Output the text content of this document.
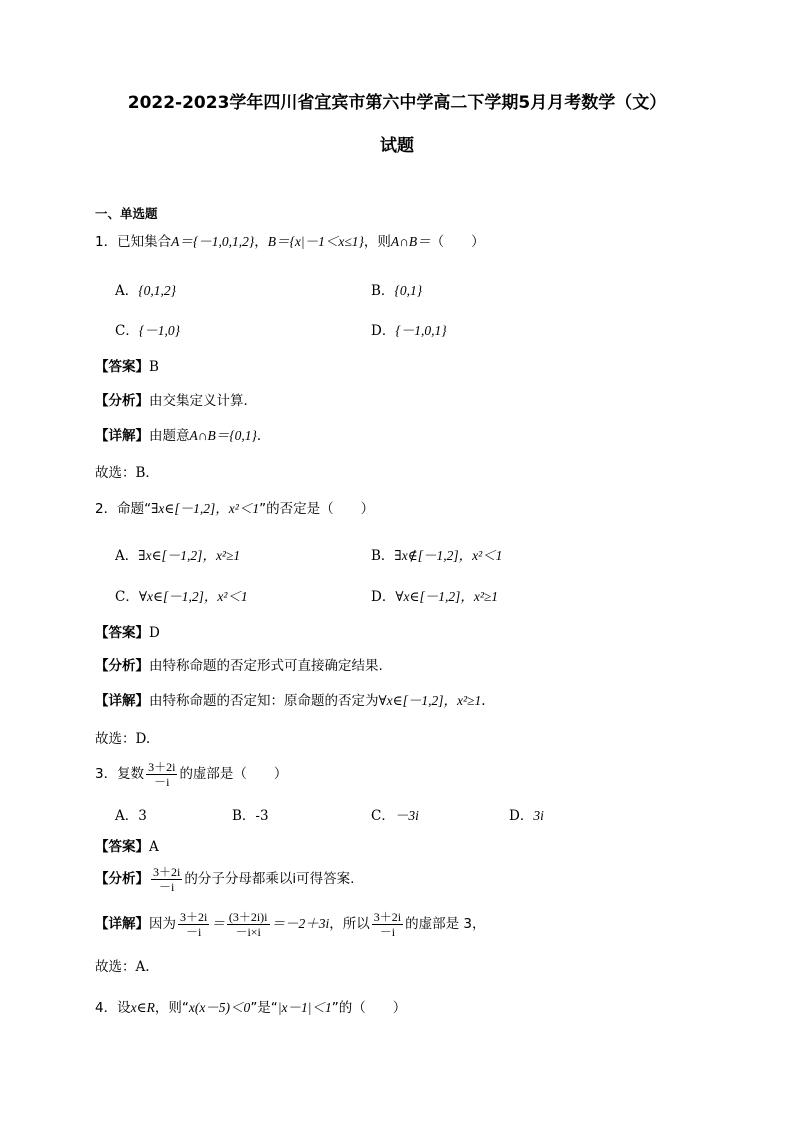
2022-2023学年四川省宜宾市第六中学高二下学期5月月考数学（文）
试题
一、单选题
1．已知集合A＝{－1,0,1,2}，B＝{x|－1＜x≤1}，则A∩B＝（　　）
A．{0,1,2}	B．{0,1}
C．{－1,0}	D．{－1,0,1}
【答案】B
【分析】由交集定义计算．
【详解】由题意A∩B＝{0,1}．
故选：B．
2．命题“∃x∈[－1,2]，x²＜1”的否定是（　　）
A．∃x∈[－1,2]，x²≥1	B．∃x∉[－1,2]，x²＜1
C．∀x∈[－1,2]，x²＜1	D．∀x∈[－1,2]，x²≥1
【答案】D
【分析】由特称命题的否定形式可直接确定结果.
【详解】由特称命题的否定知：原命题的否定为∀x∈[－1,2]，x²≥1.
故选：D.
3．复数 $\frac{3+2i}{-i}$ 的虚部是（　　）
A．3	B．-3	C．－3i	D．3i
【答案】A
【分析】 $\frac{3+2i}{-i}$ 的分子分母都乘以i可得答案.
【详解】因为 $\frac{3+2i}{-i} = \frac{(3+2i)i}{-i\times i} =-2+3i$，所以 $\frac{3+2i}{-i}$ 的虚部是 3，
故选：A.
4．设x∈R，则“x(x－5)＜0”是“|x－1|＜1”的（　　）
